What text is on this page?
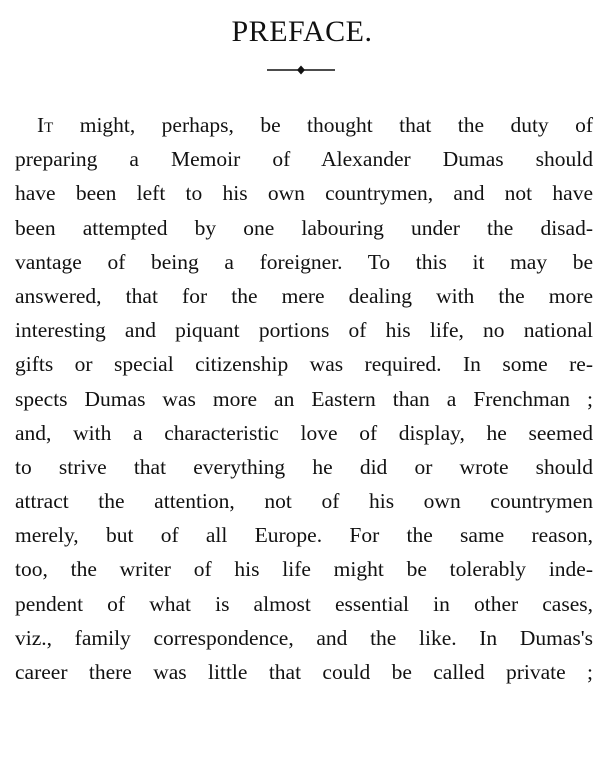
PREFACE.
It might, perhaps, be thought that the duty of
preparing a Memoir of Alexander Dumas should
have been left to his own countrymen, and not have
been attempted by one labouring under the disad-
vantage of being a foreigner. To this it may be
answered, that for the mere dealing with the more
interesting and piquant portions of his life, no national
gifts or special citizenship was required. In some re-
spects Dumas was more an Eastern than a Frenchman ;
and, with a characteristic love of display, he seemed
to strive that everything he did or wrote should
attract the attention, not of his own countrymen
merely, but of all Europe. For the same reason,
too, the writer of his life might be tolerably inde-
pendent of what is almost essential in other cases,
viz., family correspondence, and the like. In Dumas's
career there was little that could be called private ;
